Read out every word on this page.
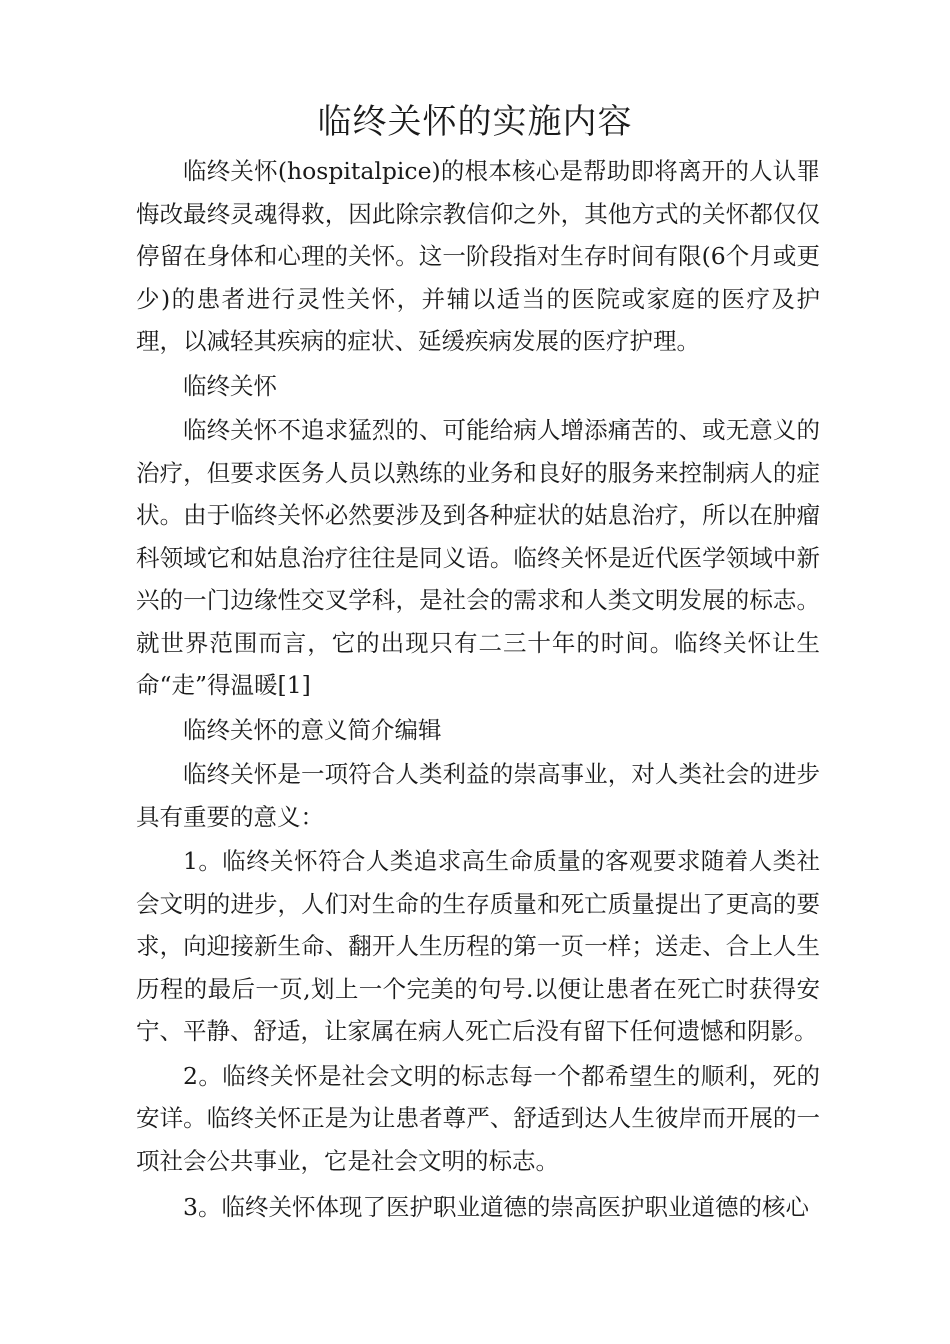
临终关怀的实施内容

临终关怀(hospitalpice)的根本核心是帮助即将离开的人认罪悔改最终灵魂得救，因此除宗教信仰之外，其他方式的关怀都仅仅停留在身体和心理的关怀。这一阶段指对生存时间有限(6个月或更少)的患者进行灵性关怀，并辅以适当的医院或家庭的医疗及护理，以减轻其疾病的症状、延缓疾病发展的医疗护理。

临终关怀

临终关怀不追求猛烈的、可能给病人增添痛苦的、或无意义的治疗，但要求医务人员以熟练的业务和良好的服务来控制病人的症状。由于临终关怀必然要涉及到各种症状的姑息治疗，所以在肿瘤科领域它和姑息治疗往往是同义语。临终关怀是近代医学领域中新兴的一门边缘性交叉学科，是社会的需求和人类文明发展的标志。就世界范围而言，它的出现只有二三十年的时间。临终关怀让生命“走”得温暖[1]

临终关怀的意义简介编辑

临终关怀是一项符合人类利益的崇高事业，对人类社会的进步具有重要的意义：

1。临终关怀符合人类追求高生命质量的客观要求随着人类社会文明的进步，人们对生命的生存质量和死亡质量提出了更高的要求，向迎接新生命、翻开人生历程的第一页一样；送走、合上人生历程的最后一页,划上一个完美的句号.以便让患者在死亡时获得安宁、平静、舒适，让家属在病人死亡后没有留下任何遗憾和阴影。

2。临终关怀是社会文明的标志每一个都希望生的顺利，死的安详。临终关怀正是为让患者尊严、舒适到达人生彼岸而开展的一项社会公共事业，它是社会文明的标志。

3。临终关怀体现了医护职业道德的崇高医护职业道德的核心
